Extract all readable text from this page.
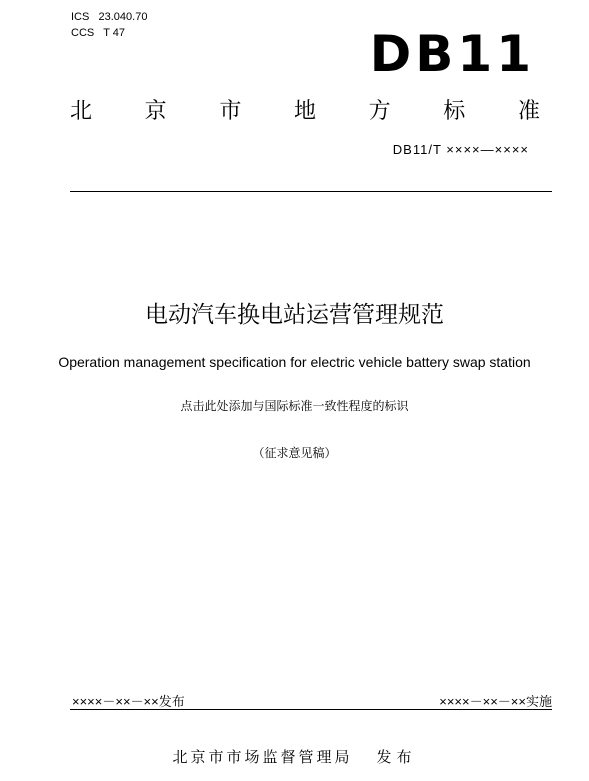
ICS   23.040.70
CCS   T 47	DB11
北 京 市 地 方 标 准
DB11/T ××××—××××
电动汽车换电站运营管理规范
Operation management specification for electric vehicle battery swap station
点击此处添加与国际标准一致性程度的标识
（征求意见稿）
××××－××－××发布	××××－××－××实施
北京市市场监督管理局 发布
